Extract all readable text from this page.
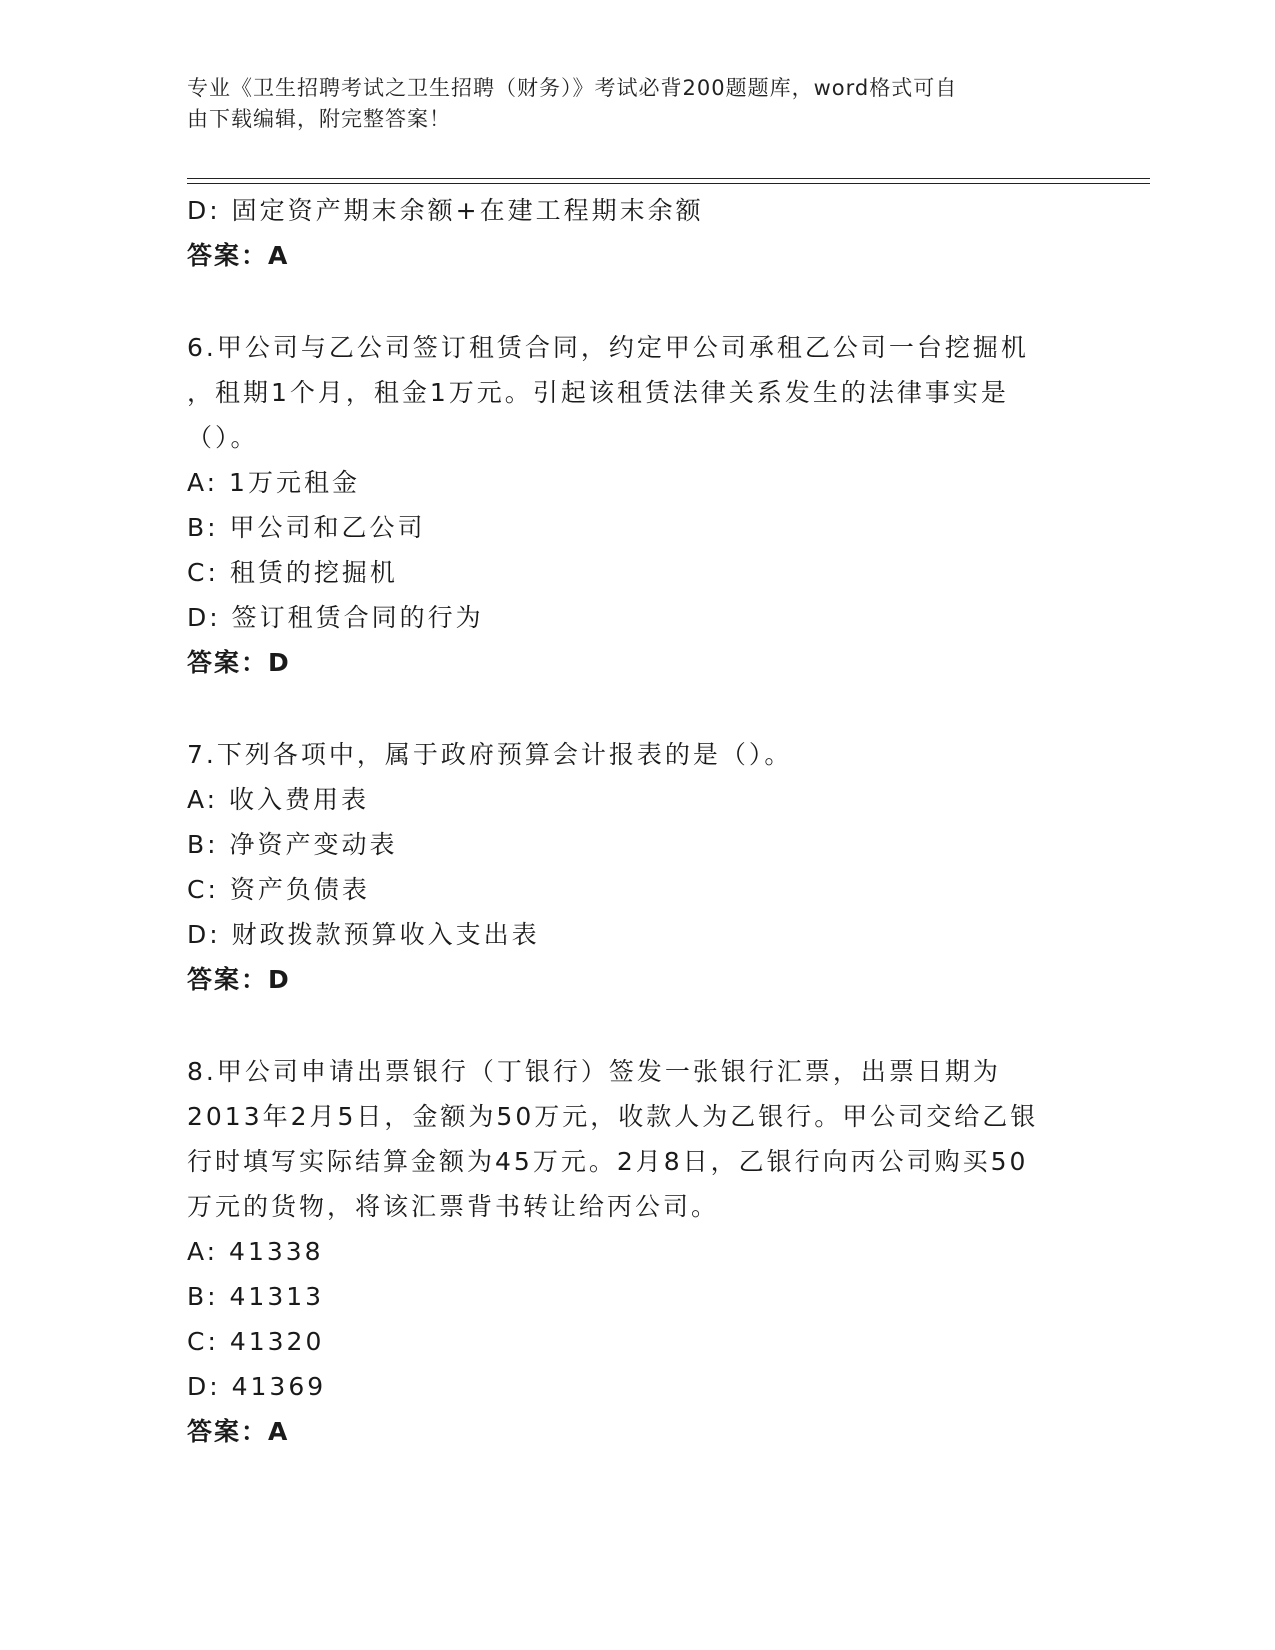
专业《卫生招聘考试之卫生招聘（财务）》考试必背200题题库，word格式可自
由下载编辑，附完整答案！
D: 固定资产期末余额+在建工程期末余额
答案：A
6.甲公司与乙公司签订租赁合同，约定甲公司承租乙公司一台挖掘机
，租期1个月，租金1万元。引起该租赁法律关系发生的法律事实是
（）。
A: 1万元租金
B: 甲公司和乙公司
C: 租赁的挖掘机
D: 签订租赁合同的行为
答案：D
7.下列各项中，属于政府预算会计报表的是（）。
A: 收入费用表
B: 净资产变动表
C: 资产负债表
D: 财政拨款预算收入支出表
答案：D
8.甲公司申请出票银行（丁银行）签发一张银行汇票，出票日期为
2013年2月5日，金额为50万元，收款人为乙银行。甲公司交给乙银
行时填写实际结算金额为45万元。2月8日，乙银行向丙公司购买50
万元的货物，将该汇票背书转让给丙公司。
A: 41338
B: 41313
C: 41320
D: 41369
答案：A
